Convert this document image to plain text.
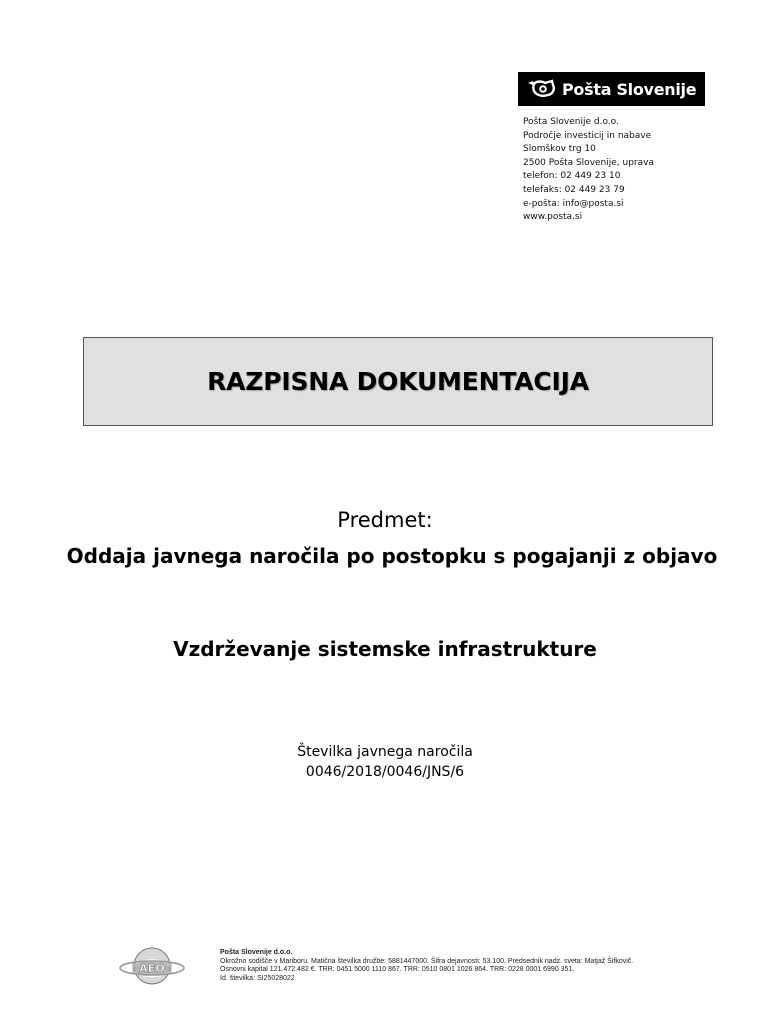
Pošta Slovenije
Pošta Slovenije d.o.o.
Področje investicij in nabave
Slomškov trg 10
2500 Pošta Slovenije, uprava
telefon: 02 449 23 10
telefaks: 02 449 23 79
e-pošta: info@posta.si
www.posta.si
RAZPISNA DOKUMENTACIJA
Predmet:
Oddaja javnega naročila po postopku s pogajanji z objavo
Vzdrževanje sistemske infrastrukture
Številka javnega naročila
0046/2018/0046/JNS/6
AEO
Pošta Slovenije d.o.o.
Okrožno sodišče v Mariboru. Matična številka družbe: 5881447000. Šifra dejavnosti: 53.100. Predsednik nadz. sveta: Matjaž Šifkovič.
Osnovni kapital 121.472.482 €. TRR: 0451 5000 1110 867. TRR: 0510 0801 1026 864. TRR: 0228 0001 6990 351.
Id. številka: SI25028022
